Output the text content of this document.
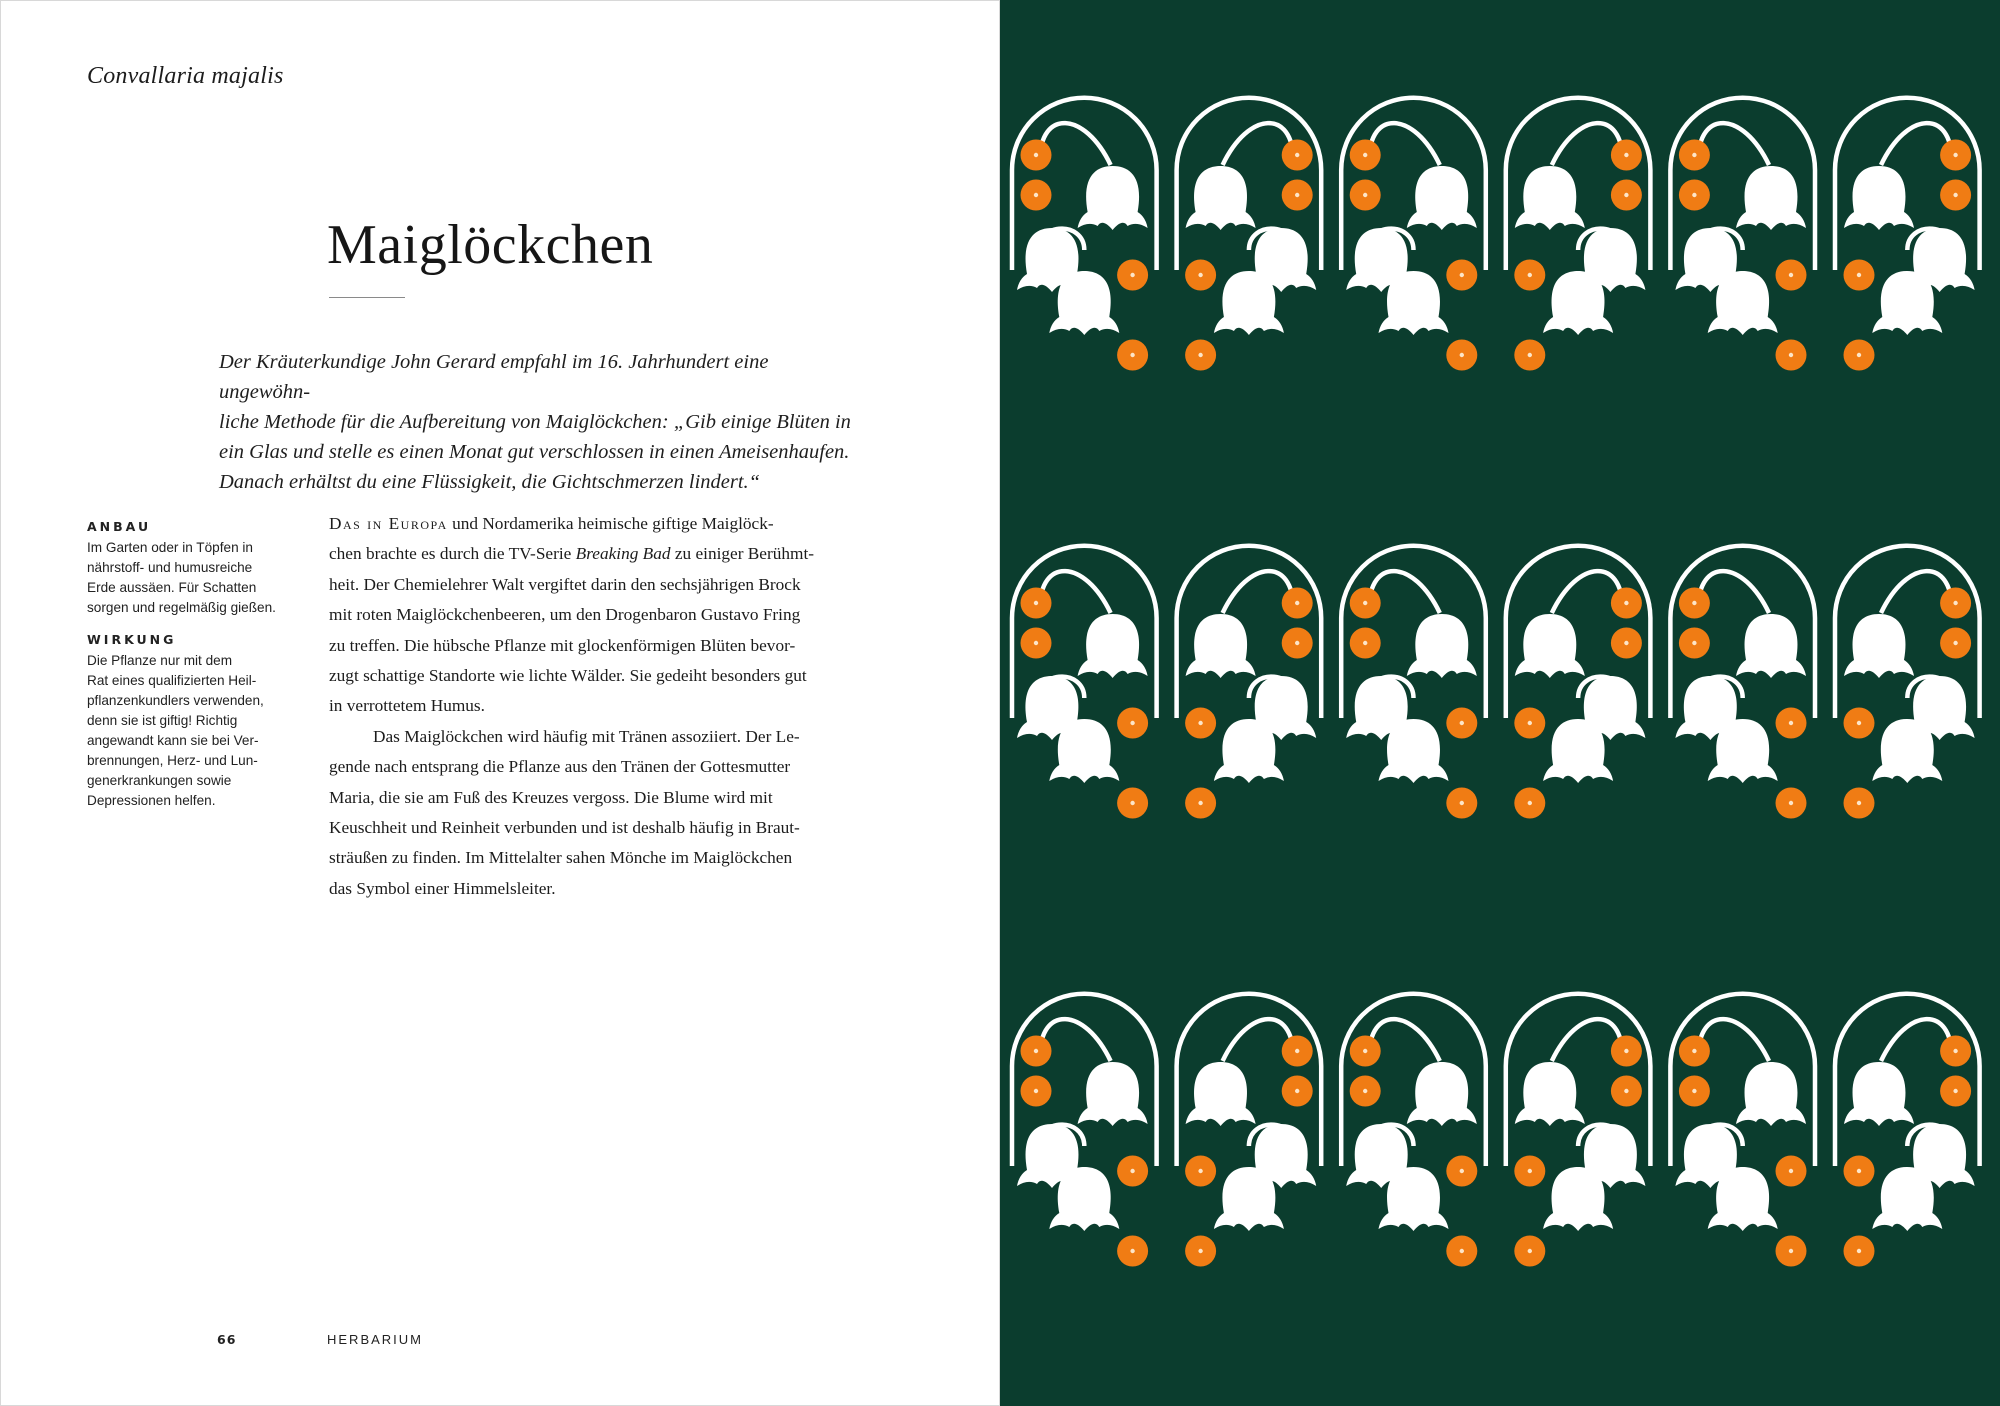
Convallaria majalis
Maiglöckchen

Der Kräuterkundige John Gerard empfahl im 16. Jahrhundert eine ungewöhn-
liche Methode für die Aufbereitung von Maiglöckchen: „Gib einige Blüten in
ein Glas und stelle es einen Monat gut verschlossen in einen Ameisenhaufen.
Danach erhältst du eine Flüssigkeit, die Gichtschmerzen lindert.“

ANBAU

Im Garten oder in Töpfen in
nährstoff- und humusreiche
Erde aussäen. Für Schatten
sorgen und regelmäßig gießen.

WIRKUNG

Die Pflanze nur mit dem
Rat eines qualifizierten Heil-
pflanzenkundlers verwenden,
denn sie ist giftig! Richtig
angewandt kann sie bei Ver-
brennungen, Herz- und Lun-
generkrankungen sowie
Depressionen helfen.

Das in Europa und Nordamerika heimische giftige Maiglöck-
chen brachte es durch die TV-Serie Breaking Bad zu einiger Berühmt-
heit. Der Chemielehrer Walt vergiftet darin den sechsjährigen Brock
mit roten Maiglöckchenbeeren, um den Drogenbaron Gustavo Fring
zu treffen. Die hübsche Pflanze mit glockenförmigen Blüten bevor-
zugt schattige Standorte wie lichte Wälder. Sie gedeiht besonders gut
in verrottetem Humus.

Das Maiglöckchen wird häufig mit Tränen assoziiert. Der Le-
gende nach entsprang die Pflanze aus den Tränen der Gottesmutter
Maria, die sie am Fuß des Kreuzes vergoss. Die Blume wird mit
Keuschheit und Reinheit verbunden und ist deshalb häufig in Braut-
sträußen zu finden. Im Mittelalter sahen Mönche im Maiglöckchen
das Symbol einer Himmelsleiter.

66	HERBARIUM
